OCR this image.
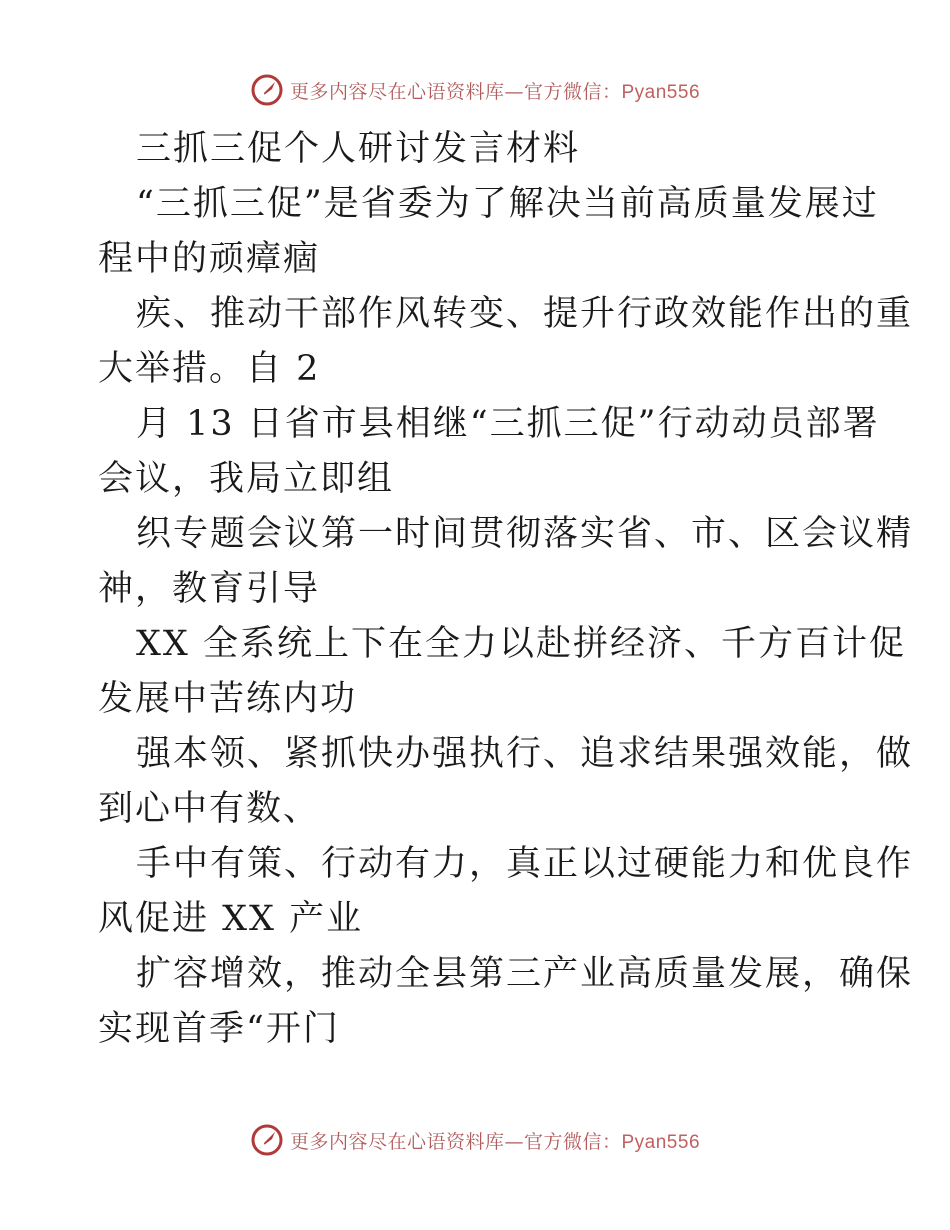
更多内容尽在心语资料库—官方微信：Pyan556
三抓三促个人研讨发言材料
“三抓三促”是省委为了解决当前高质量发展过
程中的顽瘴痼
疾、推动干部作风转变、提升行政效能作出的重
大举措。自 2
月 13 日省市县相继“三抓三促”行动动员部署
会议，我局立即组
织专题会议第一时间贯彻落实省、市、区会议精
神，教育引导
XX 全系统上下在全力以赴拼经济、千方百计促
发展中苦练内功
强本领、紧抓快办强执行、追求结果强效能，做
到心中有数、
手中有策、行动有力，真正以过硬能力和优良作
风促进 XX 产业
扩容增效，推动全县第三产业高质量发展，确保
实现首季“开门
更多内容尽在心语资料库—官方微信：Pyan556
